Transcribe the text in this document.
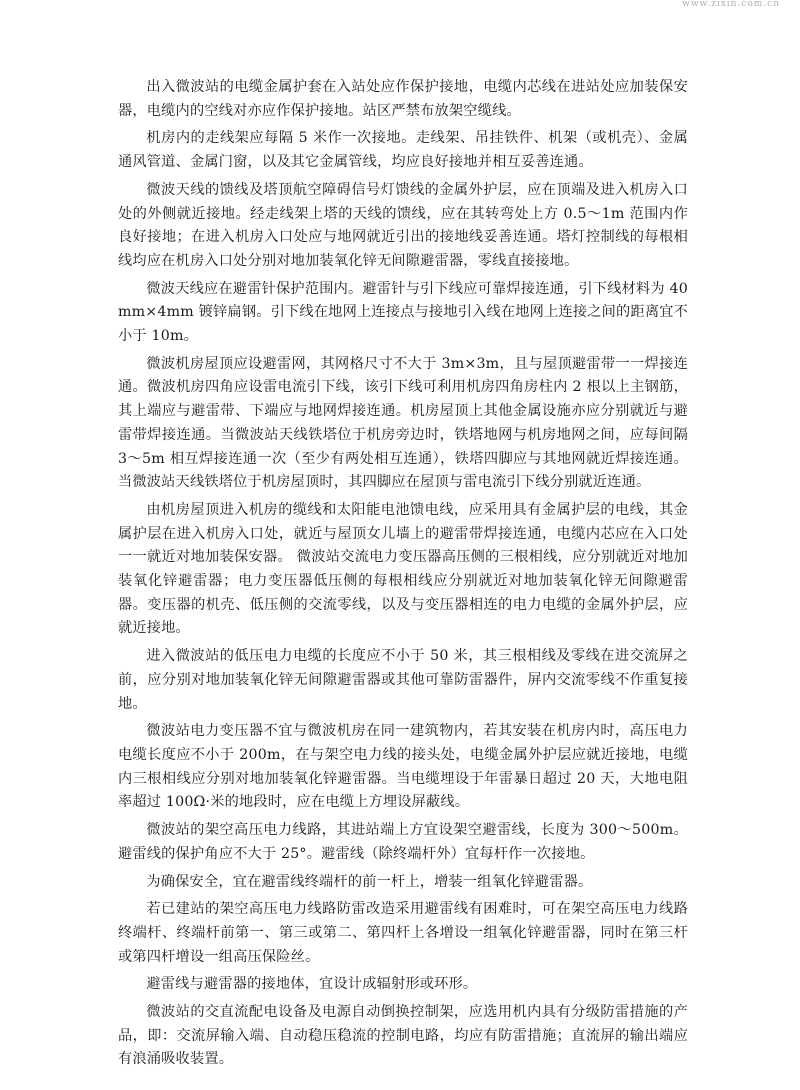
www.zixin.com.cn

出入微波站的电缆金属护套在入站处应作保护接地，电缆内芯线在进站处应加装保安器，电缆内的空线对亦应作保护接地。站区严禁布放架空缆线。

机房内的走线架应每隔 5 米作一次接地。走线架、吊挂铁件、机架（或机壳）、金属通风管道、金属门窗，以及其它金属管线，均应良好接地并相互妥善连通。

微波天线的馈线及塔顶航空障碍信号灯馈线的金属外护层，应在顶端及进入机房入口处的外侧就近接地。经走线架上塔的天线的馈线，应在其转弯处上方 0.5～1m 范围内作良好接地；在进入机房入口处应与地网就近引出的接地线妥善连通。塔灯控制线的每根相线均应在机房入口处分别对地加装氧化锌无间隙避雷器，零线直接接地。

微波天线应在避雷针保护范围内。避雷针与引下线应可靠焊接连通，引下线材料为 40mm×4mm 镀锌扁钢。引下线在地网上连接点与接地引入线在地网上连接之间的距离宜不小于 10m。

微波机房屋顶应设避雷网，其网格尺寸不大于 3m×3m，且与屋顶避雷带一一焊接连通。微波机房四角应设雷电流引下线，该引下线可利用机房四角房柱内 2 根以上主钢筋，其上端应与避雷带、下端应与地网焊接连通。机房屋顶上其他金属设施亦应分别就近与避雷带焊接连通。当微波站天线铁塔位于机房旁边时，铁塔地网与机房地网之间，应每间隔 3～5m 相互焊接连通一次（至少有两处相互连通），铁塔四脚应与其地网就近焊接连通。当微波站天线铁塔位于机房屋顶时，其四脚应在屋顶与雷电流引下线分别就近连通。

由机房屋顶进入机房的缆线和太阳能电池馈电线，应采用具有金属护层的电线，其金属护层在进入机房入口处，就近与屋顶女儿墙上的避雷带焊接连通，电缆内芯应在入口处一一就近对地加装保安器。 微波站交流电力变压器高压侧的三根相线，应分别就近对地加装氧化锌避雷器；电力变压器低压侧的每根相线应分别就近对地加装氧化锌无间隙避雷器。变压器的机壳、低压侧的交流零线，以及与变压器相连的电力电缆的金属外护层，应就近接地。

进入微波站的低压电力电缆的长度应不小于 50 米，其三根相线及零线在进交流屏之前，应分别对地加装氧化锌无间隙避雷器或其他可靠防雷器件，屏内交流零线不作重复接地。

微波站电力变压器不宜与微波机房在同一建筑物内，若其安装在机房内时，高压电力电缆长度应不小于 200m，在与架空电力线的接头处，电缆金属外护层应就近接地，电缆内三根相线应分别对地加装氧化锌避雷器。当电缆埋设于年雷暴日超过 20 天，大地电阻率超过 100Ω·米的地段时，应在电缆上方埋设屏蔽线。

微波站的架空高压电力线路，其进站端上方宜设架空避雷线，长度为 300～500m。避雷线的保护角应不大于 25°。避雷线（除终端杆外）宜每杆作一次接地。

为确保安全，宜在避雷线终端杆的前一杆上，增装一组氧化锌避雷器。

若已建站的架空高压电力线路防雷改造采用避雷线有困难时，可在架空高压电力线路终端杆、终端杆前第一、第三或第二、第四杆上各增设一组氧化锌避雷器，同时在第三杆或第四杆增设一组高压保险丝。

避雷线与避雷器的接地体，宜设计成辐射形或环形。

微波站的交直流配电设备及电源自动倒换控制架，应选用机内具有分级防雷措施的产品，即：交流屏输入端、自动稳压稳流的控制电路，均应有防雷措施；直流屏的输出端应有浪涌吸收装置。
